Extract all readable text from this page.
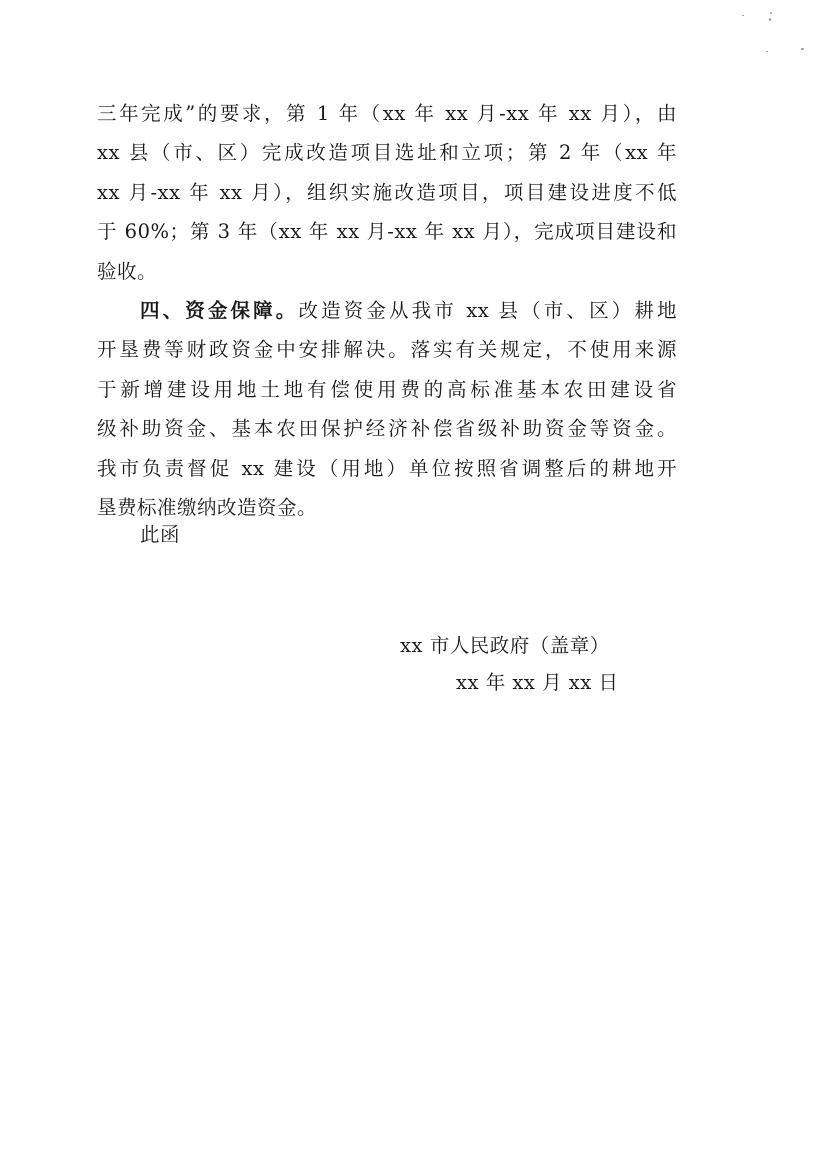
三年完成”的要求，第 1 年（xx 年 xx 月-xx 年 xx 月），由
xx 县（市、区）完成改造项目选址和立项；第 2 年（xx 年
xx 月-xx 年 xx 月），组织实施改造项目，项目建设进度不低
于 60%；第 3 年（xx 年 xx 月-xx 年 xx 月），完成项目建设和
验收。
四、资金保障。改造资金从我市 xx 县（市、区）耕地
开垦费等财政资金中安排解决。落实有关规定，不使用来源
于新增建设用地土地有偿使用费的高标准基本农田建设省
级补助资金、基本农田保护经济补偿省级补助资金等资金。
我市负责督促 xx 建设（用地）单位按照省调整后的耕地开
垦费标准缴纳改造资金。
此函
xx 市人民政府（盖章）
xx 年 xx 月 xx 日
